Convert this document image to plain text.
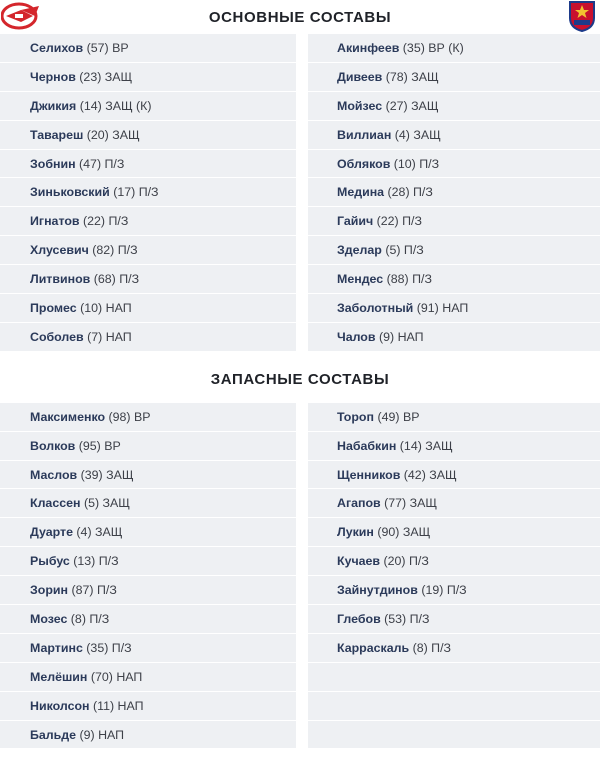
ОСНОВНЫЕ СОСТАВЫ
Селихов
(57)
ВР
Чернов
(23)
ЗАЩ
Джикия
(14)
ЗАЩ (К)
Тавареш
(20)
ЗАЩ
Зобнин
(47)
П/З
Зиньковский
(17)
П/З
Игнатов
(22)
П/З
Хлусевич
(82)
П/З
Литвинов
(68)
П/З
Промес
(10)
НАП
Соболев
(7)
НАП
Акинфеев
(35)
ВР (К)
Дивеев
(78)
ЗАЩ
Мойзес
(27)
ЗАЩ
Виллиан
(4)
ЗАЩ
Обляков
(10)
П/З
Медина
(28)
П/З
Гайич
(22)
П/З
Зделар
(5)
П/З
Мендес
(88)
П/З
Заболотный
(91)
НАП
Чалов
(9)
НАП
ЗАПАСНЫЕ СОСТАВЫ
Максименко
(98)
ВР
Волков
(95)
ВР
Маслов
(39)
ЗАЩ
Классен
(5)
ЗАЩ
Дуарте
(4)
ЗАЩ
Рыбус
(13)
П/З
Зорин
(87)
П/З
Мозес
(8)
П/З
Мартинс
(35)
П/З
Мелёшин
(70)
НАП
Николсон
(11)
НАП
Бальде
(9)
НАП
Тороп
(49)
ВР
Набабкин
(14)
ЗАЩ
Щенников
(42)
ЗАЩ
Агапов
(77)
ЗАЩ
Лукин
(90)
ЗАЩ
Кучаев
(20)
П/З
Зайнутдинов
(19)
П/З
Глебов
(53)
П/З
Карраскаль
(8)
П/З
